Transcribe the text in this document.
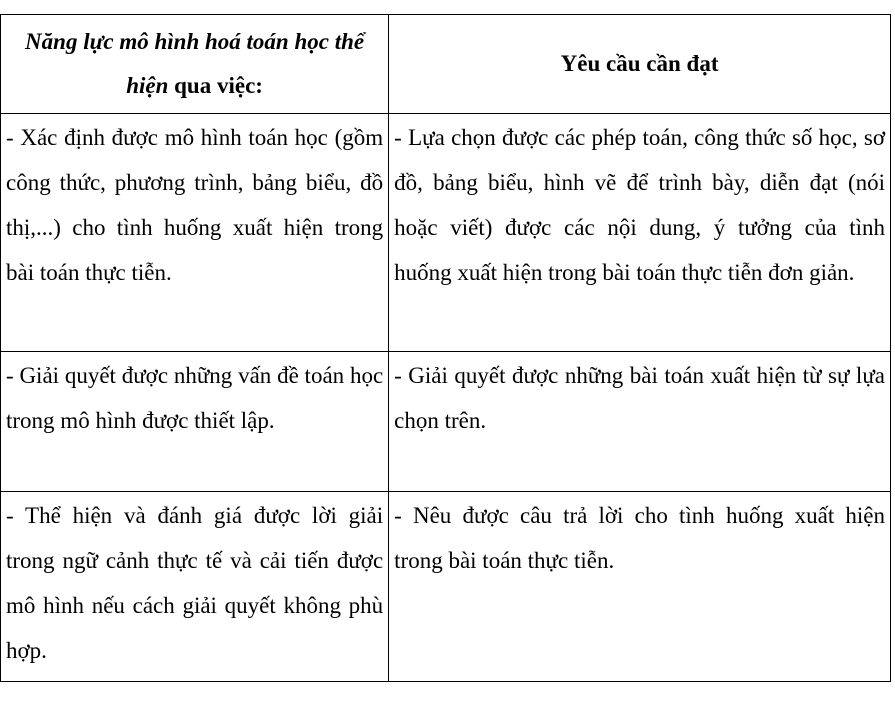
Năng lực mô hình hoá toán học thể hiện qua việc:	Yêu cầu cần đạt

- Xác định được mô hình toán học (gồm công thức, phương trình, bảng biểu, đồ thị,...) cho tình huống xuất hiện trong bài toán thực tiễn.	- Lựa chọn được các phép toán, công thức số học, sơ đồ, bảng biểu, hình vẽ để trình bày, diễn đạt (nói hoặc viết) được các nội dung, ý tưởng của tình huống xuất hiện trong bài toán thực tiễn đơn giản.

- Giải quyết được những vấn đề toán học trong mô hình được thiết lập.	- Giải quyết được những bài toán xuất hiện từ sự lựa chọn trên.

- Thể hiện và đánh giá được lời giải trong ngữ cảnh thực tế và cải tiến được mô hình nếu cách giải quyết không phù hợp.	- Nêu được câu trả lời cho tình huống xuất hiện trong bài toán thực tiễn.
